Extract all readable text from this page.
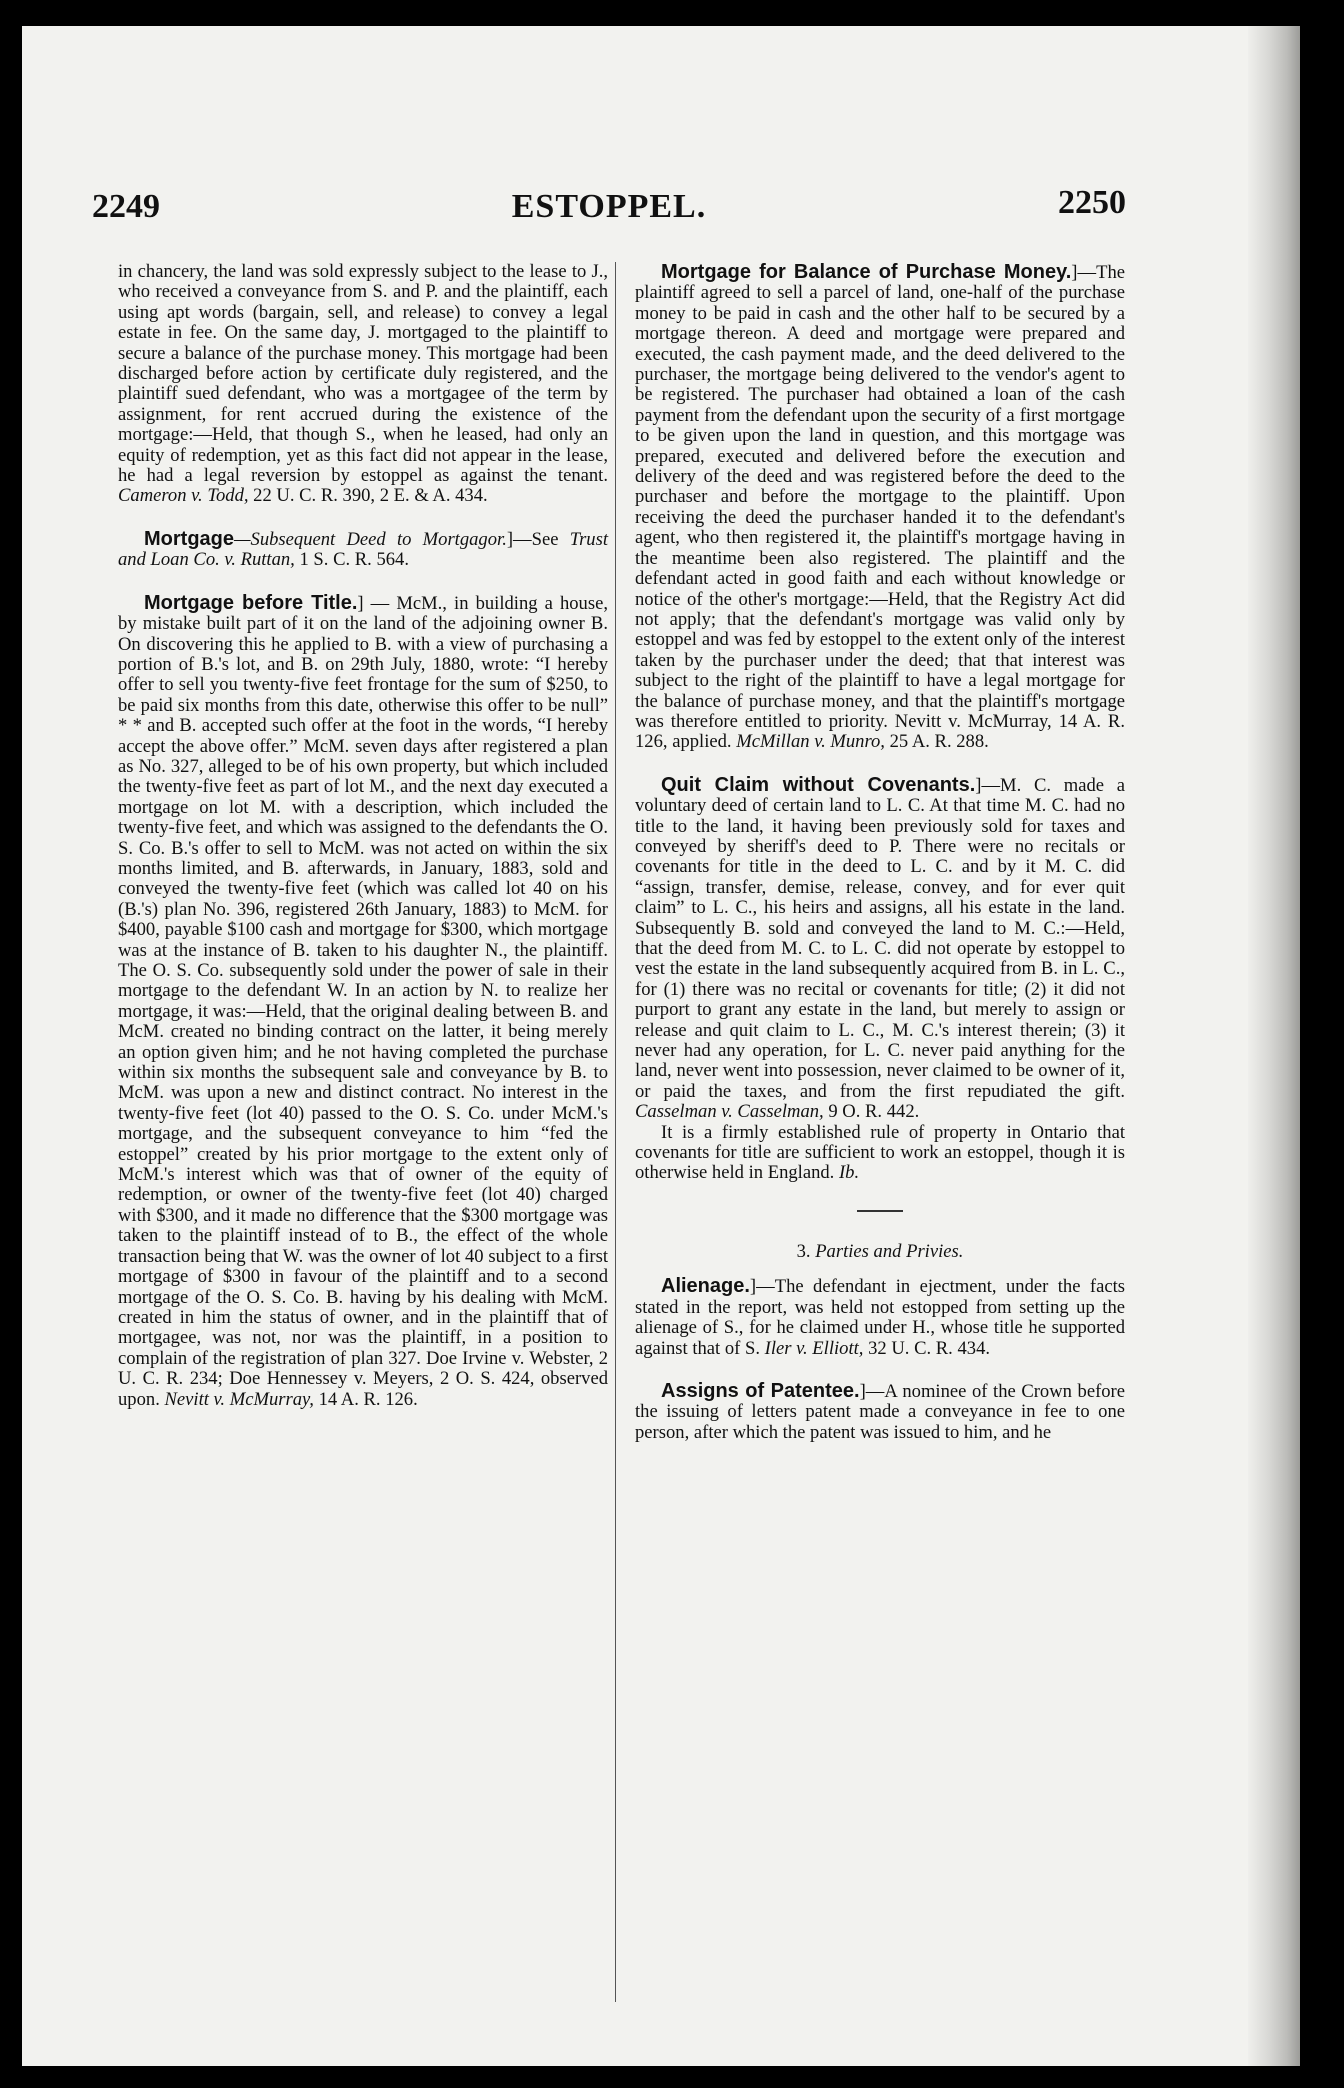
2249	ESTOPPEL.	2250

in chancery, the land was sold expressly subject to the lease to J., who received a conveyance from S. and P. and the plaintiff, each using apt words (bargain, sell, and release) to convey a legal estate in fee. On the same day, J. mortgaged to the plaintiff to secure a balance of the purchase money. This mortgage had been discharged before action by certificate duly registered, and the plaintiff sued defendant, who was a mortgagee of the term by assignment, for rent accrued during the existence of the mortgage:—Held, that though S., when he leased, had only an equity of redemption, yet as this fact did not appear in the lease, he had a legal reversion by estoppel as against the tenant. Cameron v. Todd, 22 U. C. R. 390, 2 E. & A. 434.

Mortgage—Subsequent Deed to Mortgagor.]—See Trust and Loan Co. v. Ruttan, 1 S. C. R. 564.

Mortgage before Title.] — McM., in building a house, by mistake built part of it on the land of the adjoining owner B. On discovering this he applied to B. with a view of purchasing a portion of B.'s lot, and B. on 29th July, 1880, wrote: “I hereby offer to sell you twenty-five feet frontage for the sum of $250, to be paid six months from this date, otherwise this offer to be null” * * and B. accepted such offer at the foot in the words, “I hereby accept the above offer.” McM. seven days after registered a plan as No. 327, alleged to be of his own property, but which included the twenty-five feet as part of lot M., and the next day executed a mortgage on lot M. with a description, which included the twenty-five feet, and which was assigned to the defendants the O. S. Co. B.'s offer to sell to McM. was not acted on within the six months limited, and B. afterwards, in January, 1883, sold and conveyed the twenty-five feet (which was called lot 40 on his (B.'s) plan No. 396, registered 26th January, 1883) to McM. for $400, payable $100 cash and mortgage for $300, which mortgage was at the instance of B. taken to his daughter N., the plaintiff. The O. S. Co. subsequently sold under the power of sale in their mortgage to the defendant W. In an action by N. to realize her mortgage, it was:—Held, that the original dealing between B. and McM. created no binding contract on the latter, it being merely an option given him; and he not having completed the purchase within six months the subsequent sale and conveyance by B. to McM. was upon a new and distinct contract. No interest in the twenty-five feet (lot 40) passed to the O. S. Co. under McM.'s mortgage, and the subsequent conveyance to him “fed the estoppel” created by his prior mortgage to the extent only of McM.'s interest which was that of owner of the equity of redemption, or owner of the twenty-five feet (lot 40) charged with $300, and it made no difference that the $300 mortgage was taken to the plaintiff instead of to B., the effect of the whole transaction being that W. was the owner of lot 40 subject to a first mortgage of $300 in favour of the plaintiff and to a second mortgage of the O. S. Co. B. having by his dealing with McM. created in him the status of owner, and in the plaintiff that of mortgagee, was not, nor was the plaintiff, in a position to complain of the registration of plan 327. Doe Irvine v. Webster, 2 U. C. R. 234; Doe Hennessey v. Meyers, 2 O. S. 424, observed upon. Nevitt v. McMurray, 14 A. R. 126.

Mortgage for Balance of Purchase Money.]—The plaintiff agreed to sell a parcel of land, one-half of the purchase money to be paid in cash and the other half to be secured by a mortgage thereon. A deed and mortgage were prepared and executed, the cash payment made, and the deed delivered to the purchaser, the mortgage being delivered to the vendor's agent to be registered. The purchaser had obtained a loan of the cash payment from the defendant upon the security of a first mortgage to be given upon the land in question, and this mortgage was prepared, executed and delivered before the execution and delivery of the deed and was registered before the deed to the purchaser and before the mortgage to the plaintiff. Upon receiving the deed the purchaser handed it to the defendant's agent, who then registered it, the plaintiff's mortgage having in the meantime been also registered. The plaintiff and the defendant acted in good faith and each without knowledge or notice of the other's mortgage:—Held, that the Registry Act did not apply; that the defendant's mortgage was valid only by estoppel and was fed by estoppel to the extent only of the interest taken by the purchaser under the deed; that that interest was subject to the right of the plaintiff to have a legal mortgage for the balance of purchase money, and that the plaintiff's mortgage was therefore entitled to priority. Nevitt v. McMurray, 14 A. R. 126, applied. McMillan v. Munro, 25 A. R. 288.

Quit Claim without Covenants.]—M. C. made a voluntary deed of certain land to L. C. At that time M. C. had no title to the land, it having been previously sold for taxes and conveyed by sheriff's deed to P. There were no recitals or covenants for title in the deed to L. C. and by it M. C. did “assign, transfer, demise, release, convey, and for ever quit claim” to L. C., his heirs and assigns, all his estate in the land. Subsequently B. sold and conveyed the land to M. C.:—Held, that the deed from M. C. to L. C. did not operate by estoppel to vest the estate in the land subsequently acquired from B. in L. C., for (1) there was no recital or covenants for title; (2) it did not purport to grant any estate in the land, but merely to assign or release and quit claim to L. C., M. C.'s interest therein; (3) it never had any operation, for L. C. never paid anything for the land, never went into possession, never claimed to be owner of it, or paid the taxes, and from the first repudiated the gift. Casselman v. Casselman, 9 O. R. 442.

It is a firmly established rule of property in Ontario that covenants for title are sufficient to work an estoppel, though it is otherwise held in England. Ib.

3. Parties and Privies.

Alienage.]—The defendant in ejectment, under the facts stated in the report, was held not estopped from setting up the alienage of S., for he claimed under H., whose title he supported against that of S. Iler v. Elliott, 32 U. C. R. 434.

Assigns of Patentee.]—A nominee of the Crown before the issuing of letters patent made a conveyance in fee to one person, after which the patent was issued to him, and he
